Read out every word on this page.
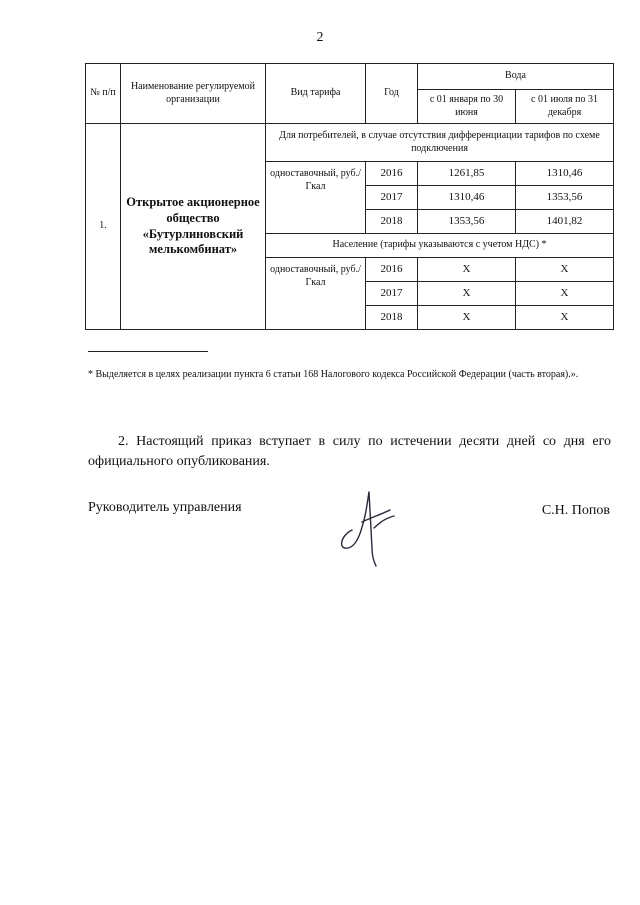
2
№ п/п	Наименование регулируемой организации	Вид тарифа	Год	Вода	
				с 01 января по 30 июня	с 01 июля по 31 декабря
1.	Открытое акционерное общество «Бутурлиновский мелькомбинат»	Для потребителей, в случае отсутствия дифференциации тарифов по схеме подключения			
		одноставочный, руб./Гкал	2016	1261,85	1310,46
			2017	1310,46	1353,56
			2018	1353,56	1401,82
		Население (тарифы указываются с учетом НДС) *			
		одноставочный, руб./Гкал	2016	X	X
			2017	X	X
			2018	X	X
* Выделяется в целях реализации пункта 6 статьи 168 Налогового кодекса Российской Федерации (часть вторая).».
2. Настоящий приказ вступает в силу по истечении десяти дней со дня его официального опубликования.
Руководитель управления	С.Н. Попов
